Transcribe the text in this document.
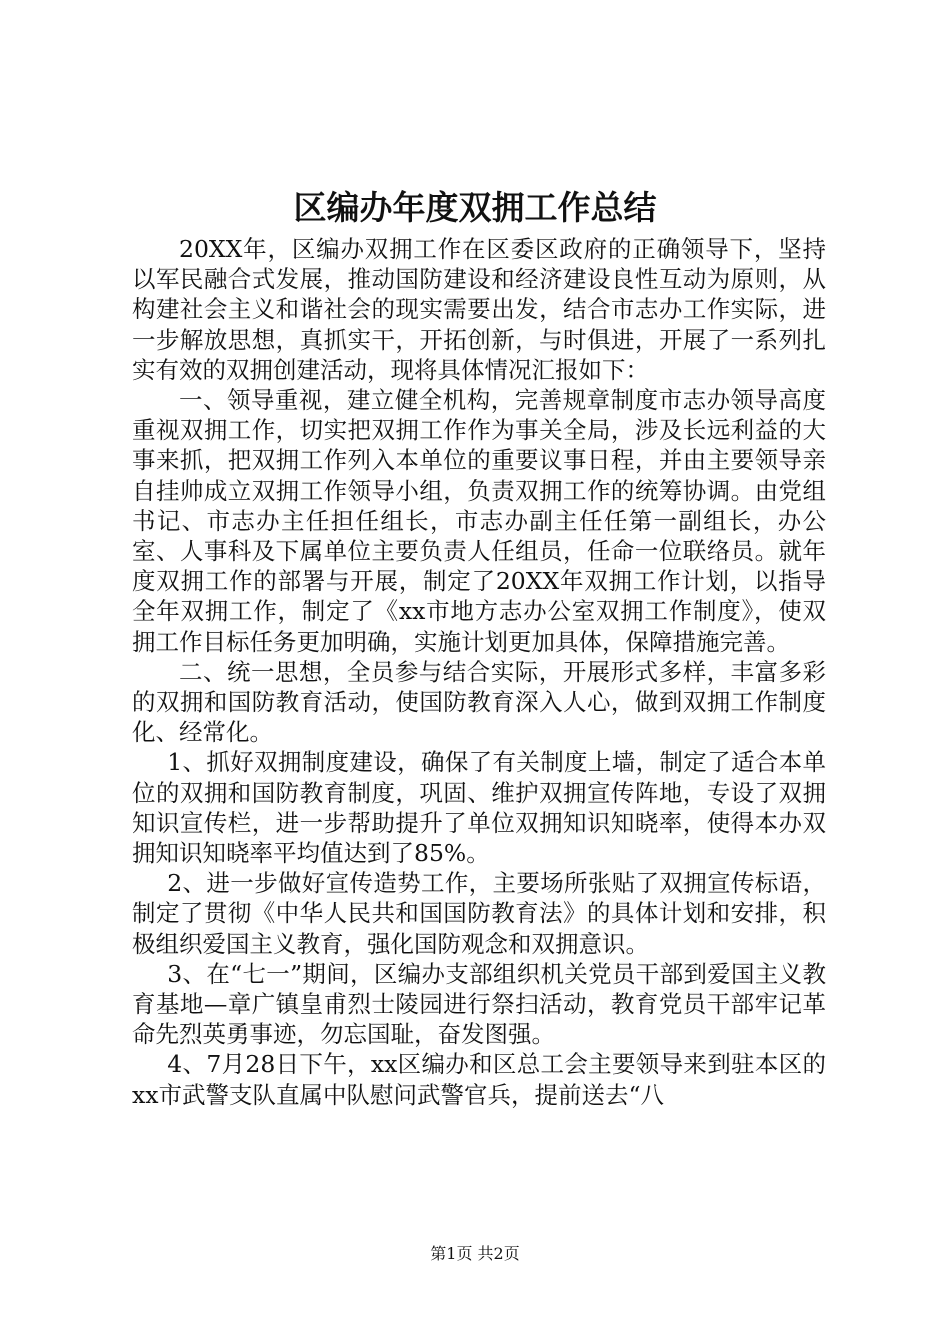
区编办年度双拥工作总结

20XX年，区编办双拥工作在区委区政府的正确领导下，坚持以军民融合式发展，推动国防建设和经济建设良性互动为原则，从构建社会主义和谐社会的现实需要出发，结合市志办工作实际，进一步解放思想，真抓实干，开拓创新，与时俱进，开展了一系列扎实有效的双拥创建活动，现将具体情况汇报如下：

一、领导重视，建立健全机构，完善规章制度市志办领导高度重视双拥工作，切实把双拥工作作为事关全局，涉及长远利益的大事来抓，把双拥工作列入本单位的重要议事日程，并由主要领导亲自挂帅成立双拥工作领导小组，负责双拥工作的统筹协调。由党组书记、市志办主任担任组长，市志办副主任任第一副组长，办公室、人事科及下属单位主要负责人任组员，任命一位联络员。就年度双拥工作的部署与开展，制定了20XX年双拥工作计划，以指导全年双拥工作，制定了《xx市地方志办公室双拥工作制度》，使双拥工作目标任务更加明确，实施计划更加具体，保障措施完善。

二、统一思想，全员参与结合实际，开展形式多样，丰富多彩的双拥和国防教育活动，使国防教育深入人心，做到双拥工作制度化、经常化。

1、抓好双拥制度建设，确保了有关制度上墙，制定了适合本单位的双拥和国防教育制度，巩固、维护双拥宣传阵地，专设了双拥知识宣传栏，进一步帮助提升了单位双拥知识知晓率，使得本办双拥知识知晓率平均值达到了85%。

2、进一步做好宣传造势工作，主要场所张贴了双拥宣传标语，制定了贯彻《中华人民共和国国防教育法》的具体计划和安排，积极组织爱国主义教育，强化国防观念和双拥意识。

3、在“七一”期间，区编办支部组织机关党员干部到爱国主义教育基地—章广镇皇甫烈士陵园进行祭扫活动，教育党员干部牢记革命先烈英勇事迹，勿忘国耻，奋发图强。

4、7月28日下午，xx区编办和区总工会主要领导来到驻本区的xx市武警支队直属中队慰问武警官兵，提前送去“八

第1页 共2页
